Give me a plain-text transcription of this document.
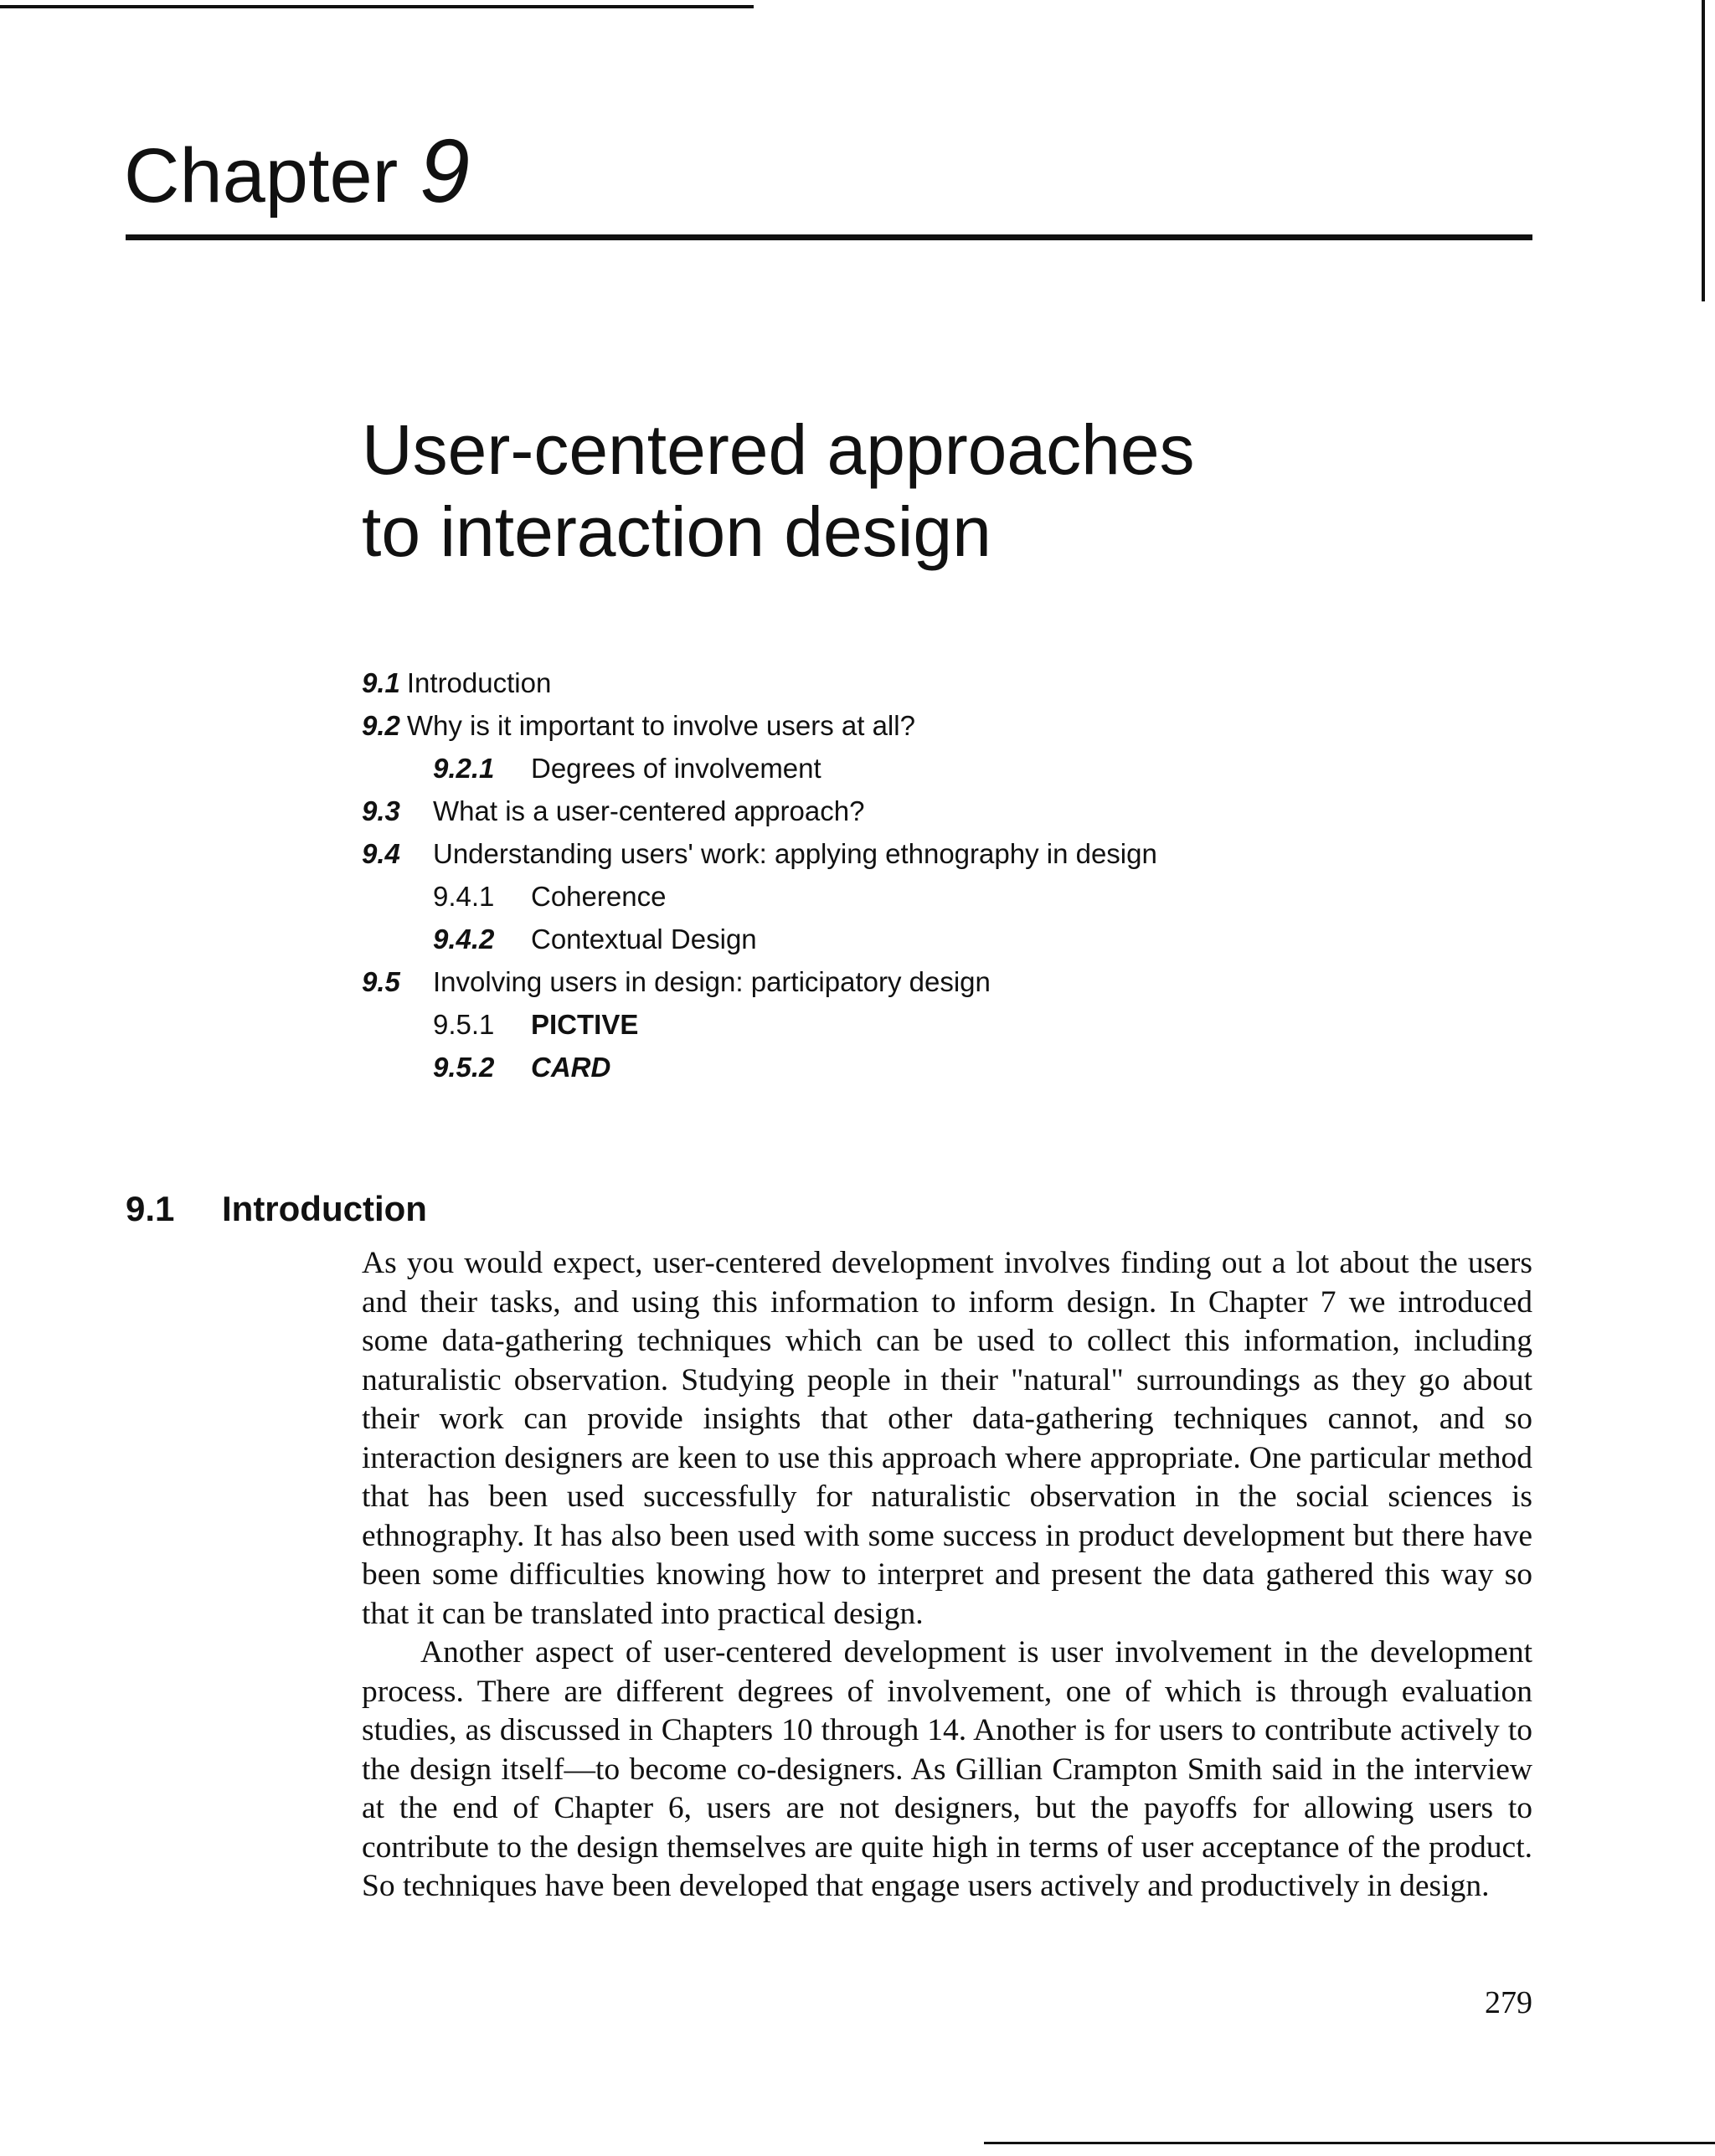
Chapter 9
User-centered approaches
to interaction design
9.1 Introduction
9.2 Why is it important to involve users at all?
9.2.1 Degrees of involvement
9.3 What is a user-centered approach?
9.4 Understanding users' work: applying ethnography in design
9.4.1 Coherence
9.4.2 Contextual Design
9.5 Involving users in design: participatory design
9.5.1 PICTIVE
9.5.2 CARD
9.1 Introduction

As you would expect, user-centered development involves finding out a lot about the users and their tasks, and using this information to inform design. In Chapter 7 we introduced some data-gathering techniques which can be used to collect this information, including naturalistic observation. Studying people in their "natural" surroundings as they go about their work can provide insights that other data-gathering techniques cannot, and so interaction designers are keen to use this approach where appropriate. One particular method that has been used successfully for naturalistic observation in the social sciences is ethnography. It has also been used with some success in product development but there have been some difficulties knowing how to interpret and present the data gathered this way so that it can be translated into practical design.

Another aspect of user-centered development is user involvement in the development process. There are different degrees of involvement, one of which is through evaluation studies, as discussed in Chapters 10 through 14. Another is for users to contribute actively to the design itself—to become co-designers. As Gillian Crampton Smith said in the interview at the end of Chapter 6, users are not designers, but the payoffs for allowing users to contribute to the design themselves are quite high in terms of user acceptance of the product. So techniques have been developed that engage users actively and productively in design.

279
